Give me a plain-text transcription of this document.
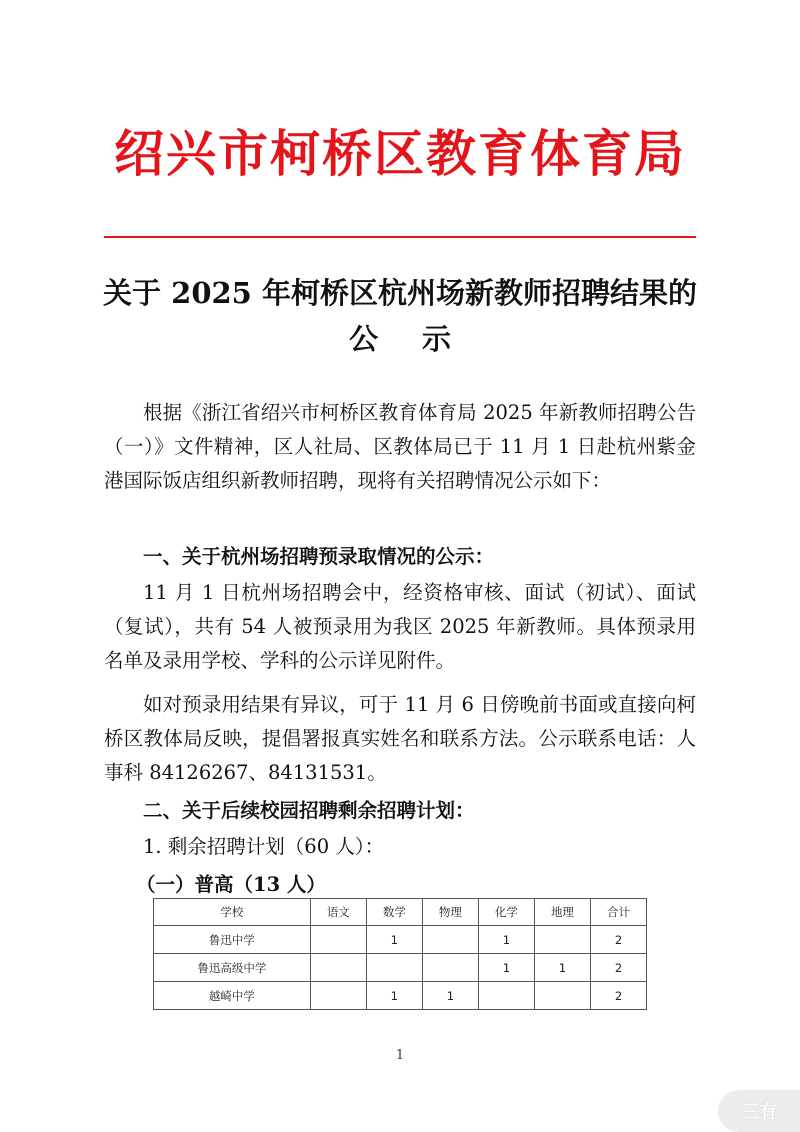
绍兴市柯桥区教育体育局
关于 2025 年柯桥区杭州场新教师招聘结果的
公示
根据《浙江省绍兴市柯桥区教育体育局 2025 年新教师招聘公告（一）》文件精神，区人社局、区教体局已于 11 月 1 日赴杭州紫金港国际饭店组织新教师招聘，现将有关招聘情况公示如下：
一、关于杭州场招聘预录取情况的公示：
11 月 1 日杭州场招聘会中，经资格审核、面试（初试）、面试（复试），共有 54 人被预录用为我区 2025 年新教师。具体预录用名单及录用学校、学科的公示详见附件。
如对预录用结果有异议，可于 11 月 6 日傍晚前书面或直接向柯桥区教体局反映，提倡署报真实姓名和联系方法。公示联系电话：人事科 84126267、84131531。
二、关于后续校园招聘剩余招聘计划：
1. 剩余招聘计划（60 人）：
（一）普高（13 人）
学校	语文	数学	物理	化学	地理	合计
鲁迅中学		1		1		2
鲁迅高级中学				1	1	2
越崎中学		1	1			2
1
三有
